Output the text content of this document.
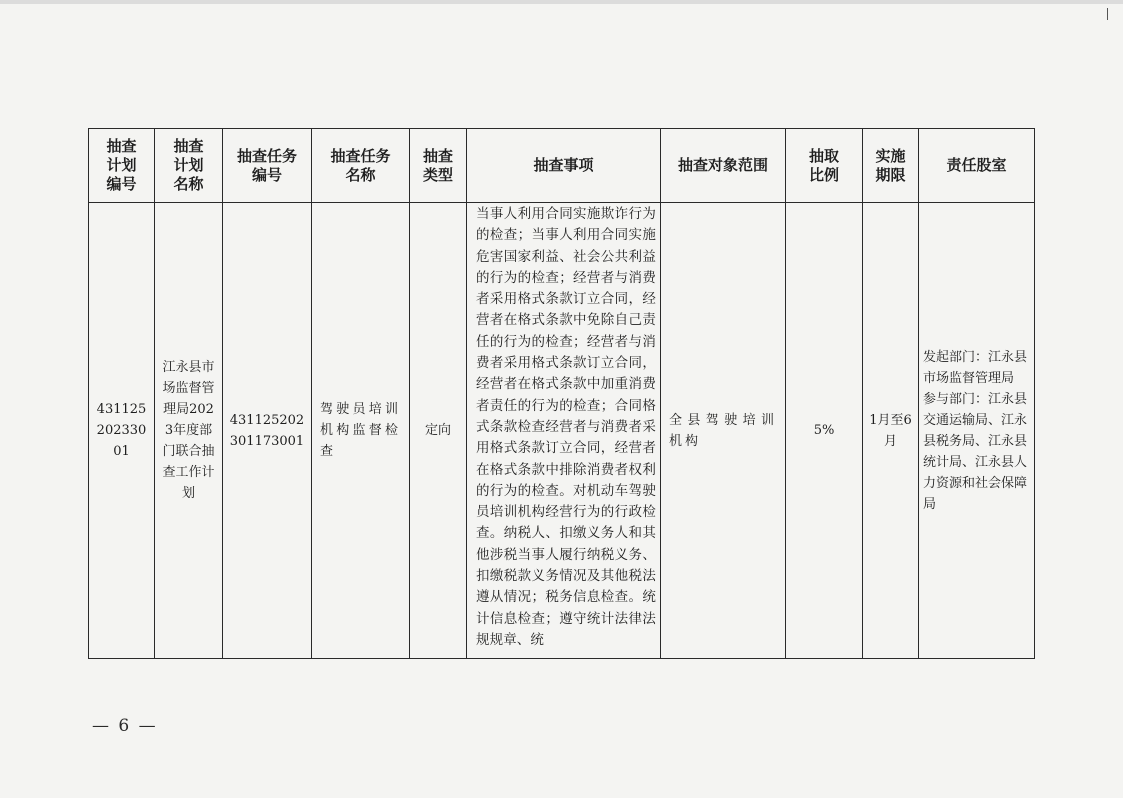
抽查
计划
编号	抽查
计划
名称	抽查任务
编号	抽查任务
名称	抽查
类型	抽查事项	抽查对象范围	抽取
比例	实施
期限	责任股室

43112520233001	江永县市场监督管理局2023年度部门联合抽查工作计划	431125202301173001	驾驶员培训机构监督检查	定向	当事人利用合同实施欺诈行为的检查；当事人利用合同实施危害国家利益、社会公共利益的行为的检查；经营者与消费者采用格式条款订立合同，经营者在格式条款中免除自己责任的行为的检查；经营者与消费者采用格式条款订立合同，经营者在格式条款中加重消费者责任的行为的检查；合同格式条款检查经营者与消费者采用格式条款订立合同，经营者在格式条款中排除消费者权利的行为的检查。对机动车驾驶员培训机构经营行为的行政检查。纳税人、扣缴义务人和其他涉税当事人履行纳税义务、扣缴税款义务情况及其他税法遵从情况；税务信息检查。统计信息检查；遵守统计法律法规规章、统	全县驾驶培训机构	5%	1月至6月	发起部门：江永县市场监督管理局
参与部门：江永县交通运输局、江永县税务局、江永县统计局、江永县人力资源和社会保障局
— 6 —
